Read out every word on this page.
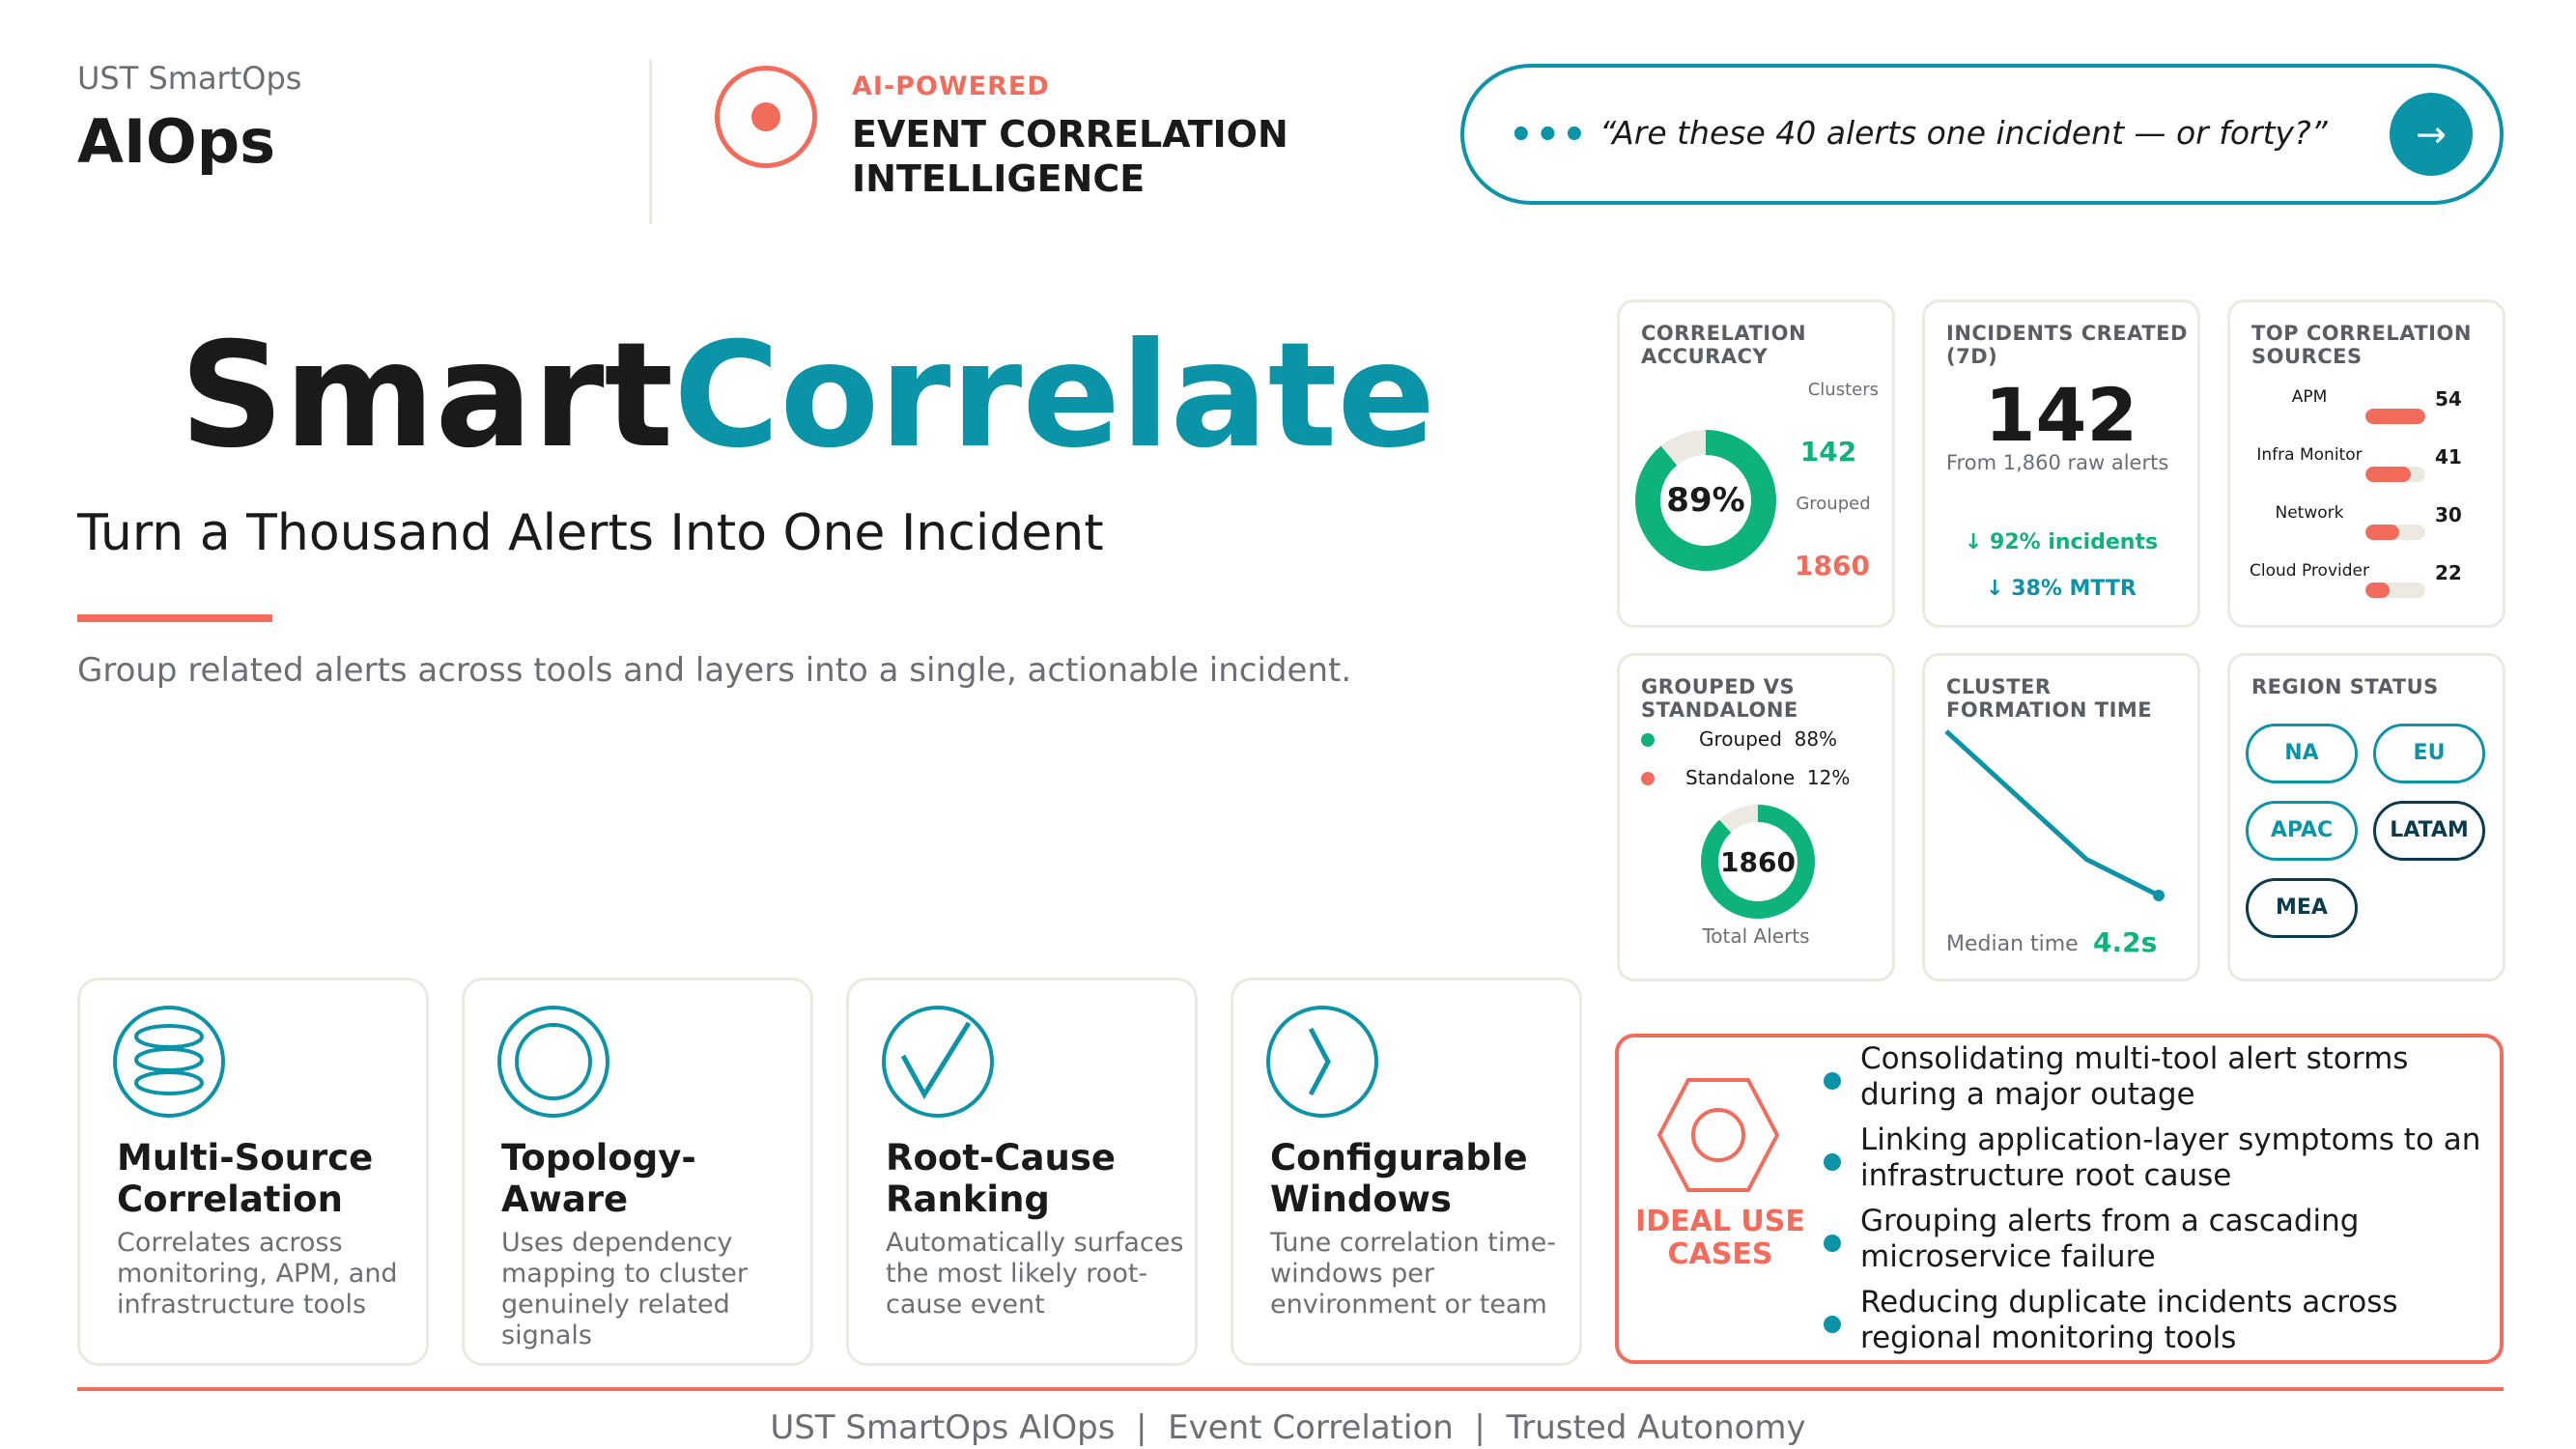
UST SmartOps
AIOps
AI-POWERED
EVENT CORRELATION INTELLIGENCE
••• “Are these 40 alerts one incident — or forty?”	→
SmartCorrelate
Turn a Thousand Alerts Into One Incident
Group related alerts across tools and layers into a single, actionable incident.
Multi-Source Correlation
Correlates across monitoring, APM, and infrastructure tools
Topology-Aware
Uses dependency mapping to cluster genuinely related signals
Root-Cause Ranking
Automatically surfaces the most likely root-cause event
Configurable Windows
Tune correlation time-windows per environment or team
CORRELATION ACCURACY
89%
Clusters
142
Grouped
1860
INCIDENTS CREATED (7D)
142
From 1,860 raw alerts
↓ 92% incidents
↓ 38% MTTR
TOP CORRELATION SOURCES
APM	54
Infra Monitor	41
Network	30
Cloud Provider	22
GROUPED VS STANDALONE
Grouped  88%
Standalone  12%
1860
Total Alerts
CLUSTER FORMATION TIME
Median time 4.2s
REGION STATUS
NA	EU
APAC	LATAM
MEA
IDEAL USE CASES
Consolidating multi-tool alert storms during a major outage
Linking application-layer symptoms to an infrastructure root cause
Grouping alerts from a cascading microservice failure
Reducing duplicate incidents across regional monitoring tools
UST SmartOps AIOps  |  Event Correlation  |  Trusted Autonomy
